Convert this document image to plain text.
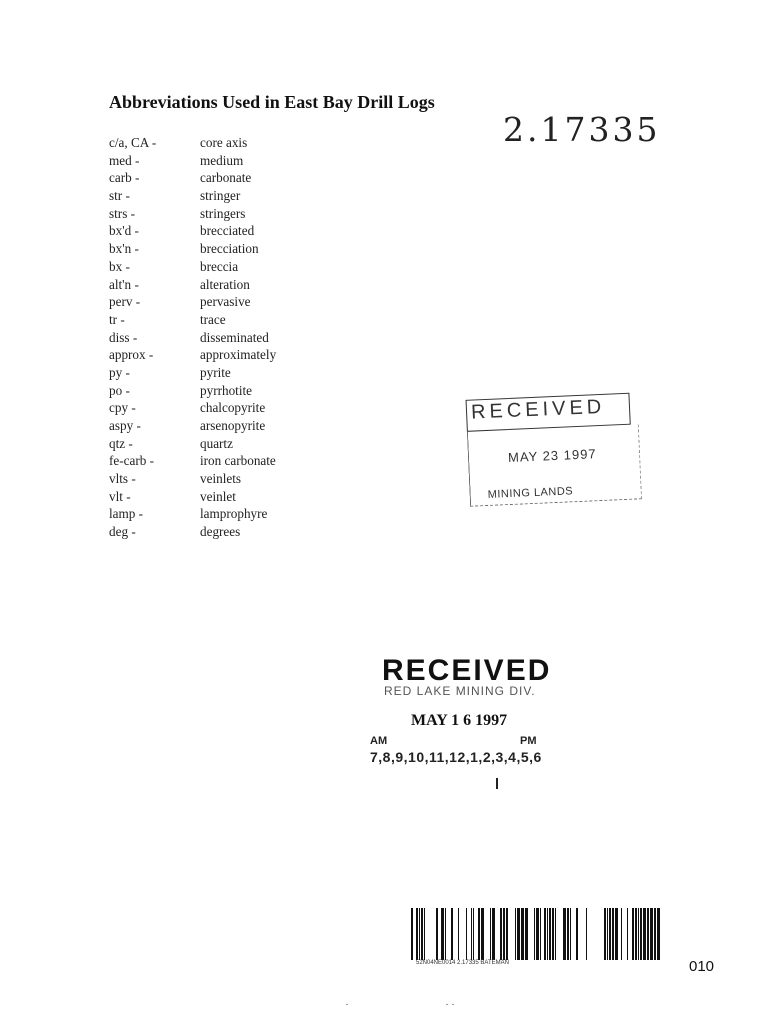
Abbreviations Used in East Bay Drill Logs
2.17335
c/a, CA -	core axis
med -	medium
carb -	carbonate
str -	stringer
strs -	stringers
bx'd -	brecciated
bx'n -	brecciation
bx -	breccia
alt'n -	alteration
perv -	pervasive
tr -	trace
diss -	disseminated
approx -	approximately
py -	pyrite
po -	pyrrhotite
cpy -	chalcopyrite
aspy -	arsenopyrite
qtz -	quartz
fe-carb -	iron carbonate
vlts -	veinlets
vlt -	veinlet
lamp -	lamprophyre
deg -	degrees
RECEIVED
MAY 23 1997
MINING LANDS
RECEIVED
RED LAKE MINING DIV.
MAY 1 6 1997
AM	PM
7,8,9,10,11,12,1,2,3,4,5,6
52N04NE0014 2.17335 BATEMAN	010
